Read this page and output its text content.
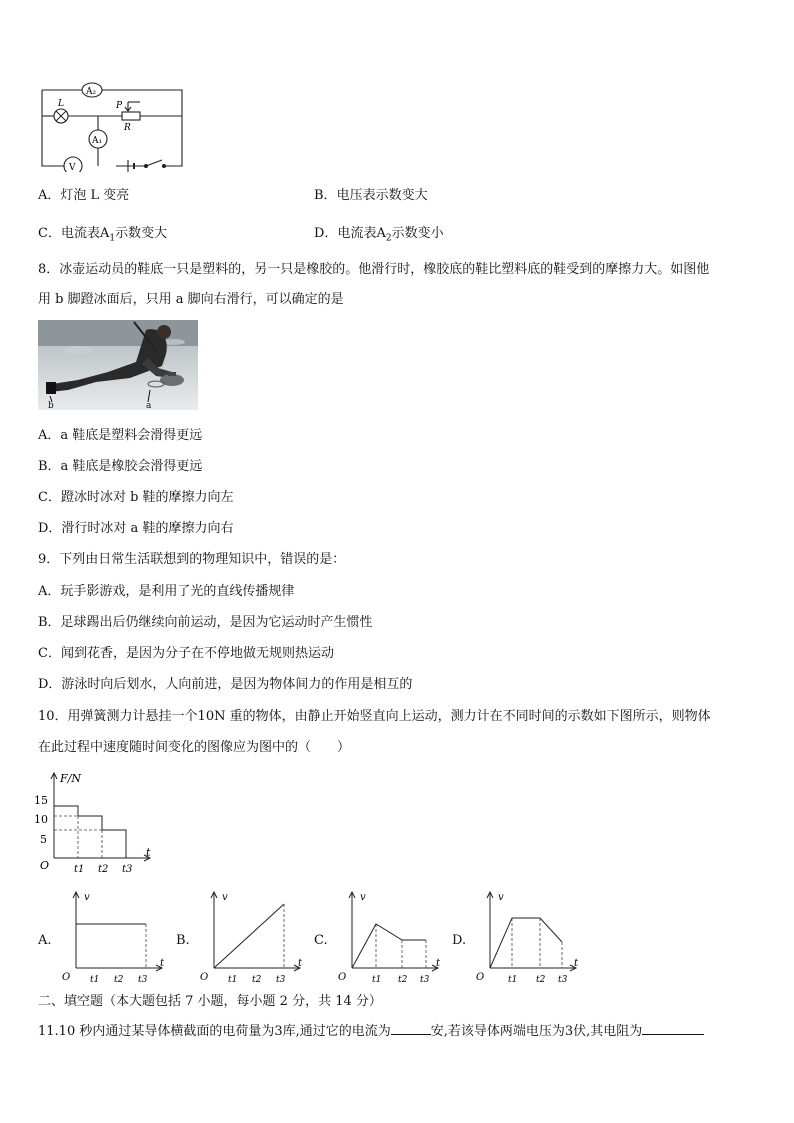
A₂
L
A₁
V
P
R
A．灯泡 L 变亮	B．电压表示数变大
C．电流表$A_1$示数变大	D．电流表$A_2$示数变小
8．冰壶运动员的鞋底一只是塑料的，另一只是橡胶的。他滑行时，橡胶底的鞋比塑料底的鞋受到的摩擦力大。如图他
用 b 脚蹬冰面后，只用 a 脚向右滑行，可以确定的是
b	a
A．a 鞋底是塑料会滑得更远
B．a 鞋底是橡胶会滑得更远
C．蹬冰时冰对 b 鞋的摩擦力向左
D．滑行时冰对 a 鞋的摩擦力向右
9．下列由日常生活联想到的物理知识中，错误的是：
A．玩手影游戏，是利用了光的直线传播规律
B．足球踢出后仍继续向前运动，是因为它运动时产生惯性
C．闻到花香，是因为分子在不停地做无规则热运动
D．游泳时向后划水，人向前进，是因为物体间力的作用是相互的
10．用弹簧测力计悬挂一个10N 重的物体，由静止开始竖直向上运动，测力计在不同时间的示数如下图所示，则物体
在此过程中速度随时间变化的图像应为图中的（　　）
F/N
15
10
5
O t1 t2 t3
t
A.
v
O t1 t2 t3
t
B.
v
O t1 t2 t3
t
C.
v
O	t1 t2 t3
t
D.
v
O	t1 t2 t3
t
二、填空题（本大题包括 7 小题，每小题 2 分，共 14 分）
11.10 秒内通过某导体横截面的电荷量为3库,通过它的电流为	安,若该导体两端电压为3伏,其电阻为
